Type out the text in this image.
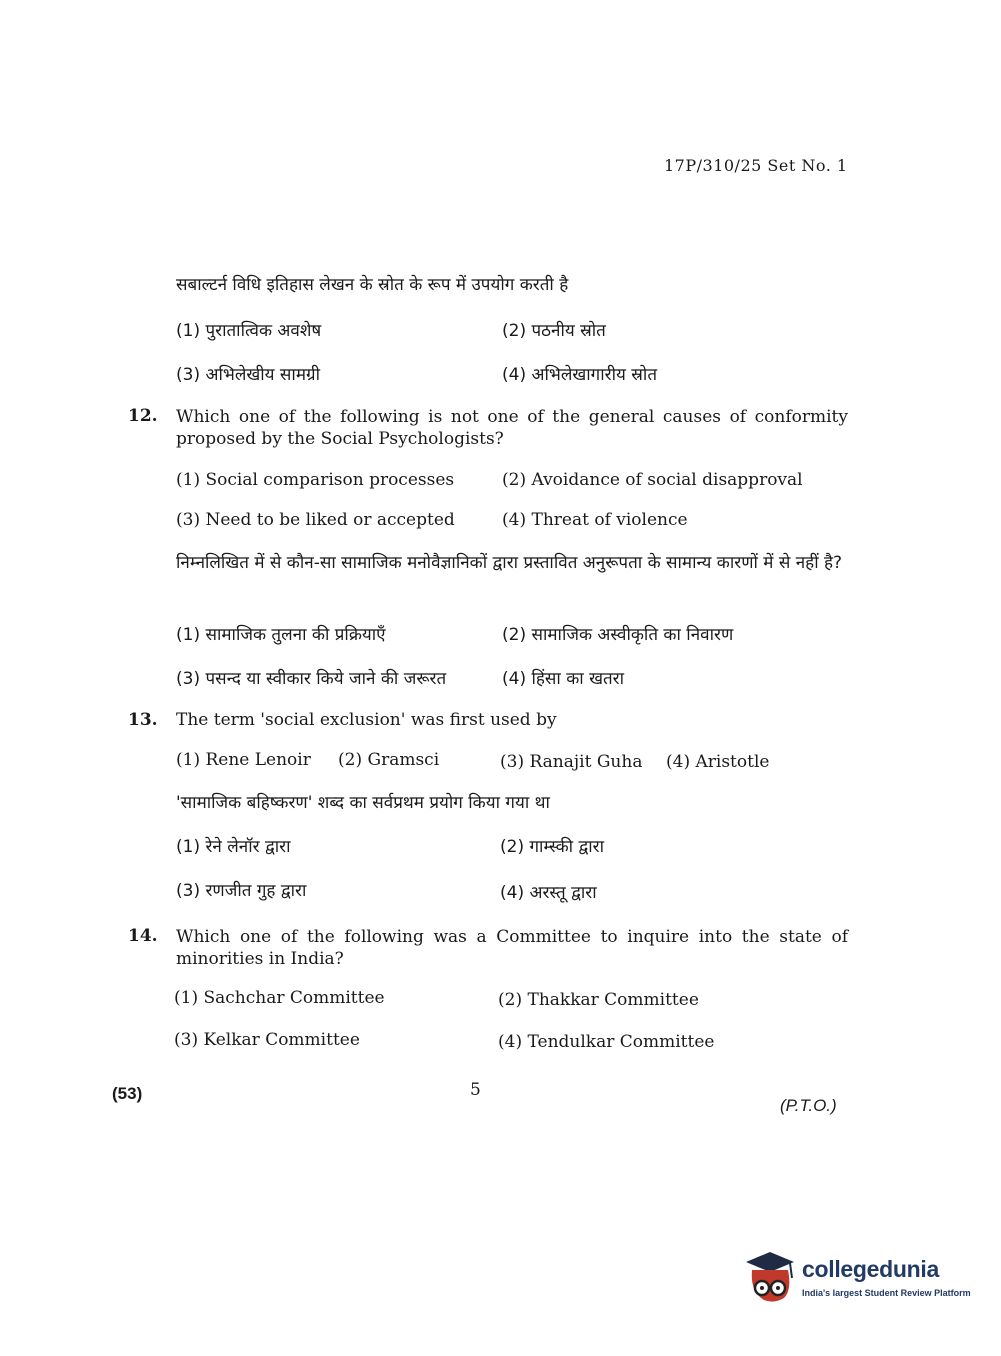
17P/310/25 Set No. 1
सबाल्टर्न विधि इतिहास लेखन के स्रोत के रूप में उपयोग करती है
(1) पुरातात्विक अवशेष	(2) पठनीय स्रोत
(3) अभिलेखीय सामग्री	(4) अभिलेखागारीय स्रोत
12. Which one of the following is not one of the general causes of conformity proposed by the Social Psychologists?
(1) Social comparison processes	(2) Avoidance of social disapproval
(3) Need to be liked or accepted	(4) Threat of violence
निम्नलिखित में से कौन-सा सामाजिक मनोवैज्ञानिकों द्वारा प्रस्तावित अनुरूपता के सामान्य कारणों में से नहीं है?
(1) सामाजिक तुलना की प्रक्रियाएँ	(2) सामाजिक अस्वीकृति का निवारण
(3) पसन्द या स्वीकार किये जाने की जरूरत	(4) हिंसा का खतरा
13. The term 'social exclusion' was first used by
(1) Rene Lenoir (2) Gramsci	(3) Ranajit Guha (4) Aristotle
'सामाजिक बहिष्करण' शब्द का सर्वप्रथम प्रयोग किया गया था
(1) रेने लेनॉर द्वारा	(2) गाम्स्की द्वारा
(3) रणजीत गुह द्वारा	(4) अरस्तू द्वारा
14. Which one of the following was a Committee to inquire into the state of minorities in India?
(1) Sachchar Committee	(2) Thakkar Committee
(3) Kelkar Committee	(4) Tendulkar Committee
(53)	5
(P.T.O.)
collegedunia
India's largest Student Review Platform
